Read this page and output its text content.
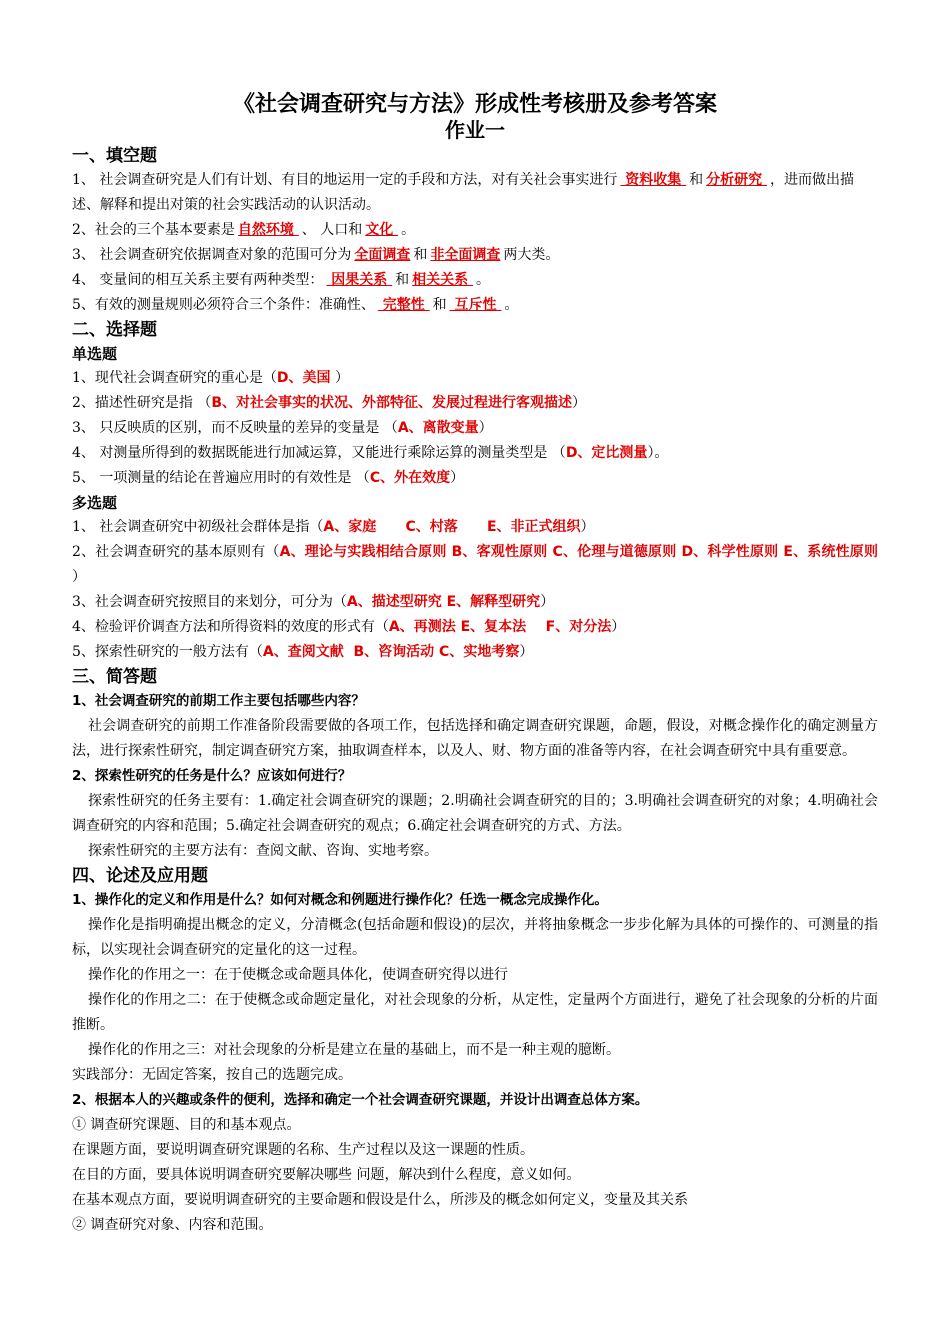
《社会调查研究与方法》形成性考核册及参考答案

作业一

一、填空题

1、 社会调查研究是人们有计划、有目的地运用一定的手段和方法，对有关社会事实进行 资料收集 和 分析研究 ，进而做出描述、解释和提出对策的社会实践活动的认识活动。

2、社会的三个基本要素是 自然环境 、 人口和 文化 。

3、 社会调查研究依据调查对象的范围可分为 全面调查 和 非全面调查 两大类。

4、 变量间的相互关系主要有两种类型： 因果关系 和 相关关系 。

5、有效的测量规则必须符合三个条件：准确性、 完整性 和 互斥性 。

二、选择题

单选题

1、现代社会调查研究的重心是（D、美国 ）

2、描述性研究是指 （B、对社会事实的状况、外部特征、发展过程进行客观描述）

3、 只反映质的区别，而不反映量的差异的变量是 （A、离散变量）

4、 对测量所得到的数据既能进行加减运算，又能进行乘除运算的测量类型是 （D、定比测量）。

5、 一项测量的结论在普遍应用时的有效性是 （C、外在效度）

多选题

1、 社会调查研究中初级社会群体是指（A、家庭      C、村落      E、非正式组织）

2、社会调查研究的基本原则有（A、理论与实践相结合原则 B、客观性原则 C、伦理与道德原则 D、科学性原则 E、系统性原则 ）

3、社会调查研究按照目的来划分，可分为（A、描述型研究 E、解释型研究）

4、检验评价调查方法和所得资料的效度的形式有（A、再测法 E、复本法    F、对分法）

5、探索性研究的一般方法有（A、查阅文献  B、咨询活动 C、实地考察）

三、简答题

1、社会调查研究的前期工作主要包括哪些内容？

社会调查研究的前期工作准备阶段需要做的各项工作，包括选择和确定调查研究课题，命题，假设，对概念操作化的确定测量方法，进行探索性研究，制定调查研究方案，抽取调查样本，以及人、财、物方面的准备等内容，在社会调查研究中具有重要意。

2、探索性研究的任务是什么？应该如何进行？

探索性研究的任务主要有：1.确定社会调查研究的课题；2.明确社会调查研究的目的；3.明确社会调查研究的对象；4.明确社会调查研究的内容和范围；5.确定社会调查研究的观点；6.确定社会调查研究的方式、方法。

探索性研究的主要方法有：查阅文献、咨询、实地考察。

四、论述及应用题

1、操作化的定义和作用是什么？如何对概念和例题进行操作化？任选一概念完成操作化。

操作化是指明确提出概念的定义，分清概念(包括命题和假设)的层次，并将抽象概念一步步化解为具体的可操作的、可测量的指标，以实现社会调查研究的定量化的这一过程。

操作化的作用之一：在于使概念或命题具体化，使调查研究得以进行

操作化的作用之二：在于使概念或命题定量化，对社会现象的分析，从定性，定量两个方面进行，避免了社会现象的分析的片面推断。

操作化的作用之三：对社会现象的分析是建立在量的基础上，而不是一种主观的臆断。

实践部分：无固定答案，按自己的选题完成。

2、根据本人的兴趣或条件的便利，选择和确定一个社会调查研究课题，并设计出调查总体方案。

① 调查研究课题、目的和基本观点。

在课题方面，要说明调查研究课题的名称、生产过程以及这一课题的性质。

在目的方面，要具体说明调查研究要解决哪些 问题，解决到什么程度，意义如何。

在基本观点方面，要说明调查研究的主要命题和假设是什么，所涉及的概念如何定义，变量及其关系

② 调查研究对象、内容和范围。
